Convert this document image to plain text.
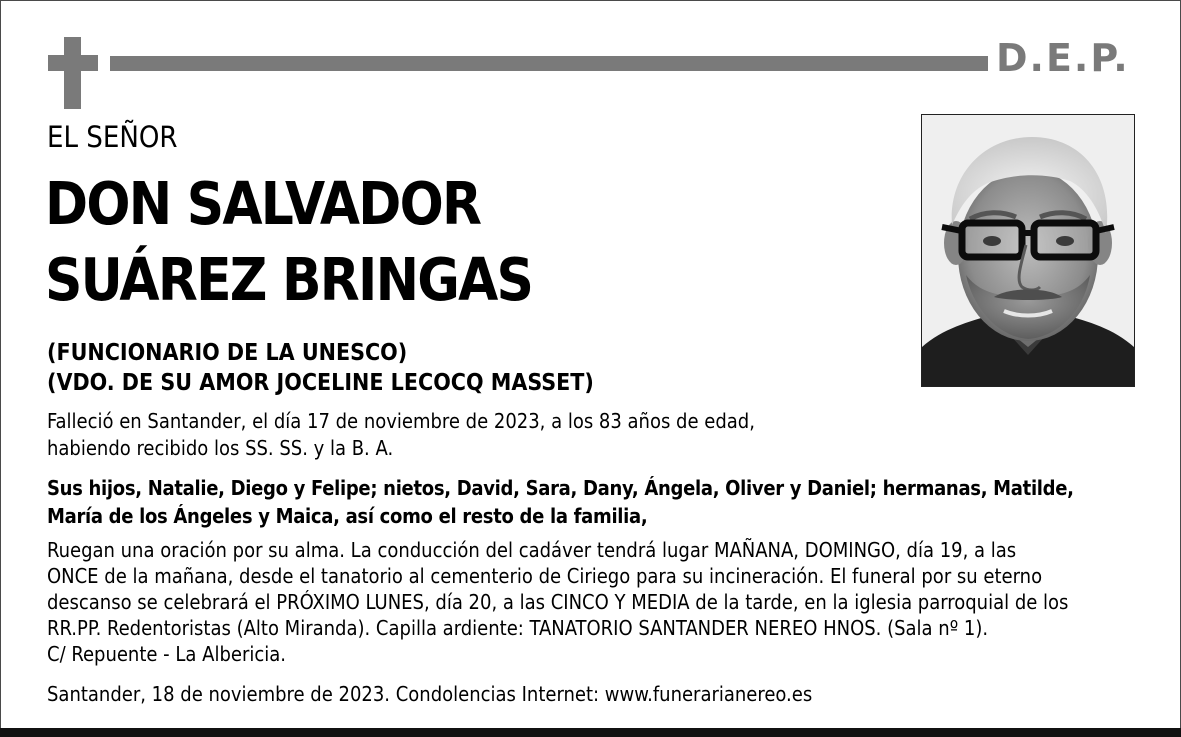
D.E.P.
EL SEÑOR
DON SALVADOR
SUÁREZ BRINGAS
(FUNCIONARIO DE LA UNESCO)
(VDO. DE SU AMOR JOCELINE LECOCQ MASSET)
Falleció en Santander, el día 17 de noviembre de 2023, a los 83 años de edad,
habiendo recibido los SS. SS. y la B. A.
Sus hijos, Natalie, Diego y Felipe; nietos, David, Sara, Dany, Ángela, Oliver y Daniel; hermanas, Matilde,
María de los Ángeles y Maica, así como el resto de la familia,
Ruegan una oración por su alma. La conducción del cadáver tendrá lugar MAÑANA, DOMINGO, día 19, a las
ONCE de la mañana, desde el tanatorio al cementerio de Ciriego para su incineración. El funeral por su eterno
descanso se celebrará el PRÓXIMO LUNES, día 20, a las CINCO Y MEDIA de la tarde, en la iglesia parroquial de los
RR.PP. Redentoristas (Alto Miranda). Capilla ardiente: TANATORIO SANTANDER NEREO HNOS. (Sala nº 1).
C/ Repuente - La Albericia.
Santander, 18 de noviembre de 2023. Condolencias Internet: www.funerarianereo.es
